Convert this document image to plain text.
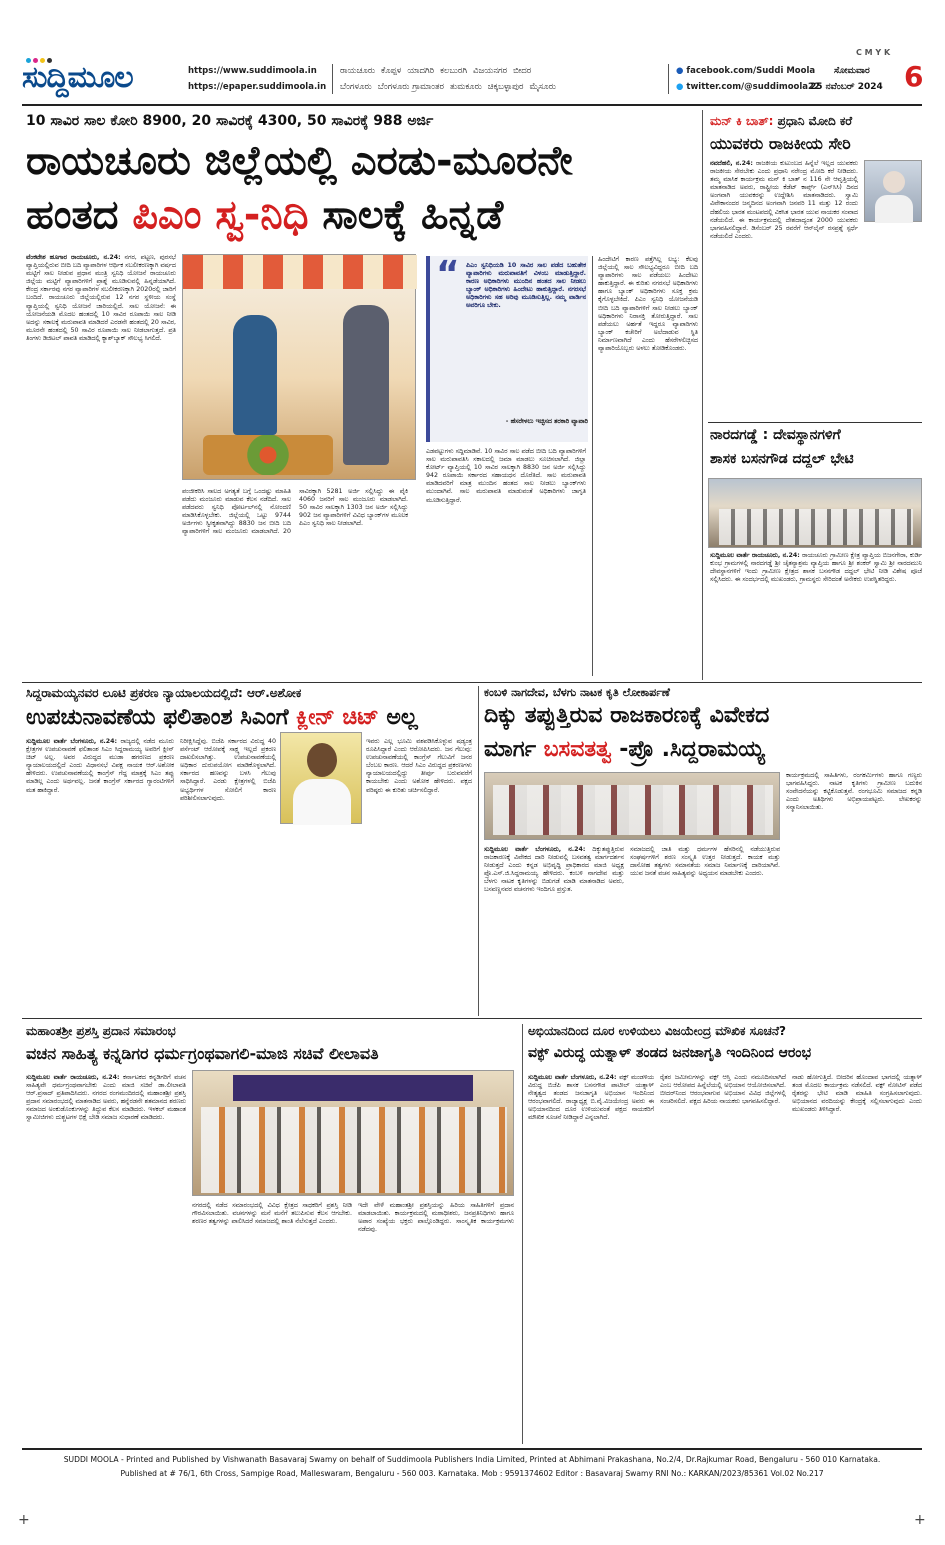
ಸುದ್ದಿಮೂಲ	https://www.suddimoola.in
https://epaper.suddimoola.in
ರಾಯಚೂರು ಕೊಪ್ಪಳ ಯಾದಗಿರಿ ಕಲಬುರಗಿ ವಿಜಯನಗರ ಬೀದರ
ಬೆಂಗಳೂರು ಬೆಂಗಳೂರು ಗ್ರಾಮಾಂತರ ತುಮಕೂರು ಚಿಕ್ಕಬಳ್ಳಾಪುರ ಮೈಸೂರು
● facebook.com/Suddi Moola
● twitter.com/@suddimoola22
C M Y K
ಸೋಮವಾರ
25 ನವೆಂಬರ್ 2024 6
10 ಸಾವಿರ ಸಾಲ ಕೋರಿ 8900, 20 ಸಾವಿರಕ್ಕೆ 4300, 50 ಸಾವಿರಕ್ಕೆ 988 ಅರ್ಜಿ
ರಾಯಚೂರು ಜಿಲ್ಲೆಯಲ್ಲಿ ಎರಡು-ಮೂರನೇ
ಹಂತದ ಪಿಎಂ ಸ್ವ-ನಿಧಿ ಸಾಲಕ್ಕೆ ಹಿನ್ನಡೆ
ವೆಂಕಟೇಶ ಹೂಗಾರ ರಾಯಚೂರು, ನ.24: ನಗರ, ಪಟ್ಟಣ, ಪುರಸಭೆ ವ್ಯಾಪ್ತಿಯಲ್ಲಿರುವ ಬೀದಿ ಬದಿ ವ್ಯಾಪಾರಿಗಳ ಆರ್ಥಿಕ ಸಬಲೀಕರಣಕ್ಕಾಗಿ ವರ್ಷದ ಮಟ್ಟಿಗೆ ಸಾಲ ನೀಡುವ ಪ್ರಧಾನ ಮಂತ್ರಿ ಸ್ವನಿಧಿ ಯೋಜನೆ ರಾಯಚೂರು ಜಿಲ್ಲೆಯ ಮಟ್ಟಿಗೆ ವ್ಯಾಪಾರಿಗಳಿಗೆ ಪ್ರಾಶ್ನೆ ಮೂಡಿಸುವಲ್ಲಿ ಹಿನ್ನಡೆಯಾಗಿದೆ. ಕೇಂದ್ರ ಸರ್ಕಾರವು ನಗರ ವ್ಯಾಪಾರಿಗಳ ಸಬಲೀಕರಣಕ್ಕಾಗಿ 2020ರಲ್ಲಿ ಜಾರಿಗೆ ಬಂದಿದೆ. ರಾಯಚೂರು ಜಿಲ್ಲೆಯಲ್ಲಿರುವ 12 ನಗರ ಸ್ಥಳೀಯ ಸಂಸ್ಥೆ ವ್ಯಾಪ್ತಿಯಲ್ಲಿ ಸ್ವನಿಧಿ ಯೋಜನೆ ಜಾರಿಯಲ್ಲಿದೆ. ಸಾಲ ಯೋಜನೆ: ಈ ಯೋಜನೆಯಡಿ ಮೊದಲ ಹಂತದಲ್ಲಿ 10 ಸಾವಿರ ರೂಪಾಯಿ ಸಾಲ ನೀಡಿ ಅದನ್ನು ಸಕಾಲಕ್ಕೆ ಮರುಪಾವತಿ ಮಾಡಿದರೆ ಎರಡನೇ ಹಂತದಲ್ಲಿ 20 ಸಾವಿರ, ಮೂರನೇ ಹಂತದಲ್ಲಿ 50 ಸಾವಿರ ರೂಪಾಯಿ ಸಾಲ ನೀಡಲಾಗುತ್ತದೆ. ಪ್ರತಿ ತಿಂಗಳು ಡಿಜಿಟಲ್ ಪಾವತಿ ಮಾಡಿದಲ್ಲಿ ಕ್ಯಾಶ್‌ಬ್ಯಾಕ್ ಸೌಲಭ್ಯ ಸಿಗಲಿದೆ.
“ ಪಿಎಂ ಸ್ವನಿಧಿಯಡಿ 10 ಸಾವಿರ ಸಾಲ ಪಡೆದ ಬಹುತೇಕ ವ್ಯಾಪಾರಿಗಳು ಮರುಪಾವತಿಗೆ ವಿಳಂಬ ಮಾಡುತ್ತಿದ್ದಾರೆ. ಕಾರಣ ಅಧಿಕಾರಿಗಳು ಮುಂದಿನ ಹಂತದ ಸಾಲ ನೀಡಲು ಬ್ಯಾಂಕ್ ಅಧಿಕಾರಿಗಳು ಹಿಂದೇಟು ಹಾಕುತ್ತಿದ್ದಾರೆ. ನಗರಸಭೆ ಅಧಿಕಾರಿಗಳು ಸಹ ಅರಿವು ಮೂಡಿಸುತ್ತಿಲ್ಲ. ನಮ್ಮ ವಾರ್ಡಿನ ಅವರಿಗೂ ಬೇಕು.
- ಹೆಸರೇಳಲು ಇಚ್ಛಿಸದ ತರಕಾರಿ ವ್ಯಾಪಾರಿ
ಪಂಜೀಕರಿಸಿ ಸಾಲದ ಅಗತ್ಯತೆ ಬಗ್ಗೆ ಒಂದಷ್ಟು ಮಾಹಿತಿ ಪಡೆದು ಮಂಜೂರು ಮಾಡುವ ಕೆಲಸ ನಡೆದಿದೆ. ಸಾಲ ಪಡೆದವರು ಸ್ವನಿಧಿ ಪೋರ್ಟಲ್‌ನಲ್ಲಿ ನೋಂದಣಿ ಮಾಡಿಸಿಕೊಳ್ಳಬೇಕು. ಜಿಲ್ಲೆಯಲ್ಲಿ ಒಟ್ಟು 9744 ಅರ್ಜಿಗಳು ಸ್ವೀಕೃತವಾಗಿದ್ದು 8830 ಜನ ಬೀದಿ ಬದಿ ವ್ಯಾಪಾರಿಗಳಿಗೆ ಸಾಲ ಮಂಜೂರು ಮಾಡಲಾಗಿದೆ. 20 ಸಾವಿರಕ್ಕಾಗಿ 5281 ಅರ್ಜಿ ಸಲ್ಲಿಸಿದ್ದು ಈ ಪೈಕಿ 4060 ಜನರಿಗೆ ಸಾಲ ಮಂಜೂರು ಮಾಡಲಾಗಿದೆ. 50 ಸಾವಿರ ಸಾಲಕ್ಕಾಗಿ 1303 ಜನ ಅರ್ಜಿ ಸಲ್ಲಿಸಿದ್ದು 902 ಜನ ವ್ಯಾಪಾರಿಗಳಿಗೆ ವಿವಿಧ ಬ್ಯಾಂಕ್‌ಗಳ ಮೂಲಕ ಪಿಎಂ ಸ್ವನಿಧಿ ಸಾಲ ನೀಡಲಾಗಿದೆ.
ಎಡವಟ್ಟುಗಳು ಸದ್ದಿಮಾಡಿವೆ. 10 ಸಾವಿರ ಸಾಲ ಪಡೆದ ಬೀದಿ ಬದಿ ವ್ಯಾಪಾರಿಗಳಿಗೆ ಸಾಲ ಮರುಪಾವತಿಸಿ ಸಕಾಲದಲ್ಲಿ ಜಮಾ ಮಾಡಲು ಸೂಚಿಸಲಾಗಿದೆ. ಜಿಲ್ಲಾ ಕೋರ್ಟ್ ವ್ಯಾಪ್ತಿಯಲ್ಲಿ 10 ಸಾವಿರ ಸಾಲಕ್ಕಾಗಿ 8830 ಜನ ಅರ್ಜಿ ಸಲ್ಲಿಸಿದ್ದು 942 ರೂಪಾಯಿ ಸರ್ಕಾರದ ಸಹಾಯಧನ ದೊರೆತಿದೆ. ಸಾಲ ಮರುಪಾವತಿ ಮಾಡಿದವರಿಗೆ ಮಾತ್ರ ಮುಂದಿನ ಹಂತದ ಸಾಲ ನೀಡಲು ಬ್ಯಾಂಕ್‌ಗಳು ಮುಂದಾಗಿವೆ. ಸಾಲ ಮರುಪಾವತಿ ಮಾಡುವಂತೆ ಅಧಿಕಾರಿಗಳು ಜಾಗೃತಿ ಮೂಡಿಸುತ್ತಿದ್ದಾರೆ.
ಹಿಂದೇಟಿಗೆ ಕಾರಣ ಪತ್ತೆಗಿಲ್ಲ ಲಭ್ಯ: ಕೆಲವು ಜಿಲ್ಲೆಯಲ್ಲಿ ಸಾಲ ಸೌಲಭ್ಯವಿದ್ದರೂ ಬೀದಿ ಬದಿ ವ್ಯಾಪಾರಿಗಳು ಸಾಲ ಪಡೆಯಲು ಹಿಂದೇಟು ಹಾಕುತ್ತಿದ್ದಾರೆ. ಈ ಕುರಿತು ನಗರಸಭೆ ಅಧಿಕಾರಿಗಳು ಹಾಗೂ ಬ್ಯಾಂಕ್ ಅಧಿಕಾರಿಗಳು ಸೂಕ್ತ ಕ್ರಮ ಕೈಗೊಳ್ಳಬೇಕಿದೆ. ಪಿಎಂ ಸ್ವನಿಧಿ ಯೋಜನೆಯಡಿ ಬೀದಿ ಬದಿ ವ್ಯಾಪಾರಿಗಳಿಗೆ ಸಾಲ ನೀಡಲು ಬ್ಯಾಂಕ್ ಅಧಿಕಾರಿಗಳು ನಿರಾಸಕ್ತಿ ತೋರುತ್ತಿದ್ದಾರೆ. ಸಾಲ ಪಡೆಯಲು ಅರ್ಹತೆ ಇದ್ದರೂ ವ್ಯಾಪಾರಿಗಳು ಬ್ಯಾಂಕ್ ಕಚೇರಿಗೆ ಅಲೆದಾಡುವ ಸ್ಥಿತಿ ನಿರ್ಮಾಣವಾಗಿದೆ ಎಂದು ಹೆಸರೇಳಲಿಚ್ಛಿಸದ ವ್ಯಾಪಾರಿಯೊಬ್ಬರು ಅಳಲು ತೋಡಿಕೊಂಡರು.
ಮನ್ ಕಿ ಬಾತ್: ಪ್ರಧಾನಿ ಮೋದಿ ಕರೆ
ಯುವಕರು ರಾಜಕೀಯ ಸೇರಿ
ನವದೆಹಲಿ, ನ.24: ರಾಜಕೀಯ ಕುಟುಂಬದ ಹಿನ್ನೆಲೆ ಇಲ್ಲದ ಯುವಕರು ರಾಜಕೀಯ ಸೇರಬೇಕು ಎಂದು ಪ್ರಧಾನಿ ನರೇಂದ್ರ ಮೋದಿ ಕರೆ ನೀಡಿದರು. ತಮ್ಮ ಮಾಸಿಕ ಕಾರ್ಯಕ್ರಮ ಮನ್ ಕಿ ಬಾತ್ ನ 116 ನೇ ಆವೃತ್ತಿಯಲ್ಲಿ ಮಾತನಾಡಿದ ಅವರು, ರಾಷ್ಟ್ರೀಯ ಕೆಡೆಟ್ ಕಾರ್ಪ್ಸ್ (ಎನ್‌ಸಿಸಿ) ದಿನದ ಅಂಗವಾಗಿ ಯುವಕರನ್ನು ಉದ್ದೇಶಿಸಿ ಮಾತನಾಡಿದರು. ಸ್ವಾಮಿ ವಿವೇಕಾನಂದರ ಜನ್ಮದಿನದ ಅಂಗವಾಗಿ ಜನವರಿ 11 ಮತ್ತು 12 ರಂದು ದೆಹಲಿಯ ಭಾರತ ಮಂಟಪದಲ್ಲಿ ವಿಕಸಿತ ಭಾರತ ಯುವ ನಾಯಕರ ಸಂವಾದ ನಡೆಯಲಿದೆ. ಈ ಕಾರ್ಯಕ್ರಮದಲ್ಲಿ ದೇಶದಾದ್ಯಂತ 2000 ಯುವಕರು ಭಾಗವಹಿಸಲಿದ್ದಾರೆ. ಡಿಸೆಂಬರ್ 25 ರವರೆಗೆ ಆನ್‌ಲೈನ್ ರಸಪ್ರಶ್ನೆ ಸ್ಪರ್ಧೆ ನಡೆಯಲಿದೆ ಎಂದರು.
ನಾರದಗಡ್ಡೆ : ದೇವಸ್ಥಾನಗಳಿಗೆ
ಶಾಸಕ ಬಸನಗೌಡ ದದ್ದಲ್ ಭೇಟಿ
ಸುದ್ದಿಮೂಲ ವಾರ್ತೆ ರಾಯಚೂರು, ನ.24: ರಾಯಚೂರು ಗ್ರಾಮೀಣ ಕ್ಷೇತ್ರ ವ್ಯಾಪ್ತಿಯ ಬಿಜನಗೇರಾ, ಕುರ್ಡಿ ಕುಂಭ ಗ್ರಾಮಗಳಲ್ಲಿ ನಾರದಗಡ್ಡೆ ಶ್ರೀ ಚೈತನ್ಯಾಶ್ರಮ ವ್ಯಾಪ್ತಿಯ ಹಾಗೂ ಶ್ರೀ ಶಂಕರ್ ಸ್ವಾಮಿ ಶ್ರೀ ನಾರದಮುನಿ ದೇವಸ್ಥಾನಗಳಿಗೆ ಇಂದು ಗ್ರಾಮೀಣ ಕ್ಷೇತ್ರದ ಶಾಸಕ ಬಸನಗೌಡ ದದ್ದಲ್ ಭೇಟಿ ನೀಡಿ ವಿಶೇಷ ಪೂಜೆ ಸಲ್ಲಿಸಿದರು. ಈ ಸಂದರ್ಭದಲ್ಲಿ ಮುಖಂಡರು, ಗ್ರಾಮಸ್ಥರು ಸೇರಿದಂತೆ ಅನೇಕರು ಉಪಸ್ಥಿತರಿದ್ದರು.
ಸಿದ್ದರಾಮಯ್ಯನವರ ಲೂಟಿ ಪ್ರಕರಣ ನ್ಯಾಯಾಲಯದಲ್ಲಿದೆ: ಆರ್.ಅಶೋಕ
ಉಪಚುನಾವಣೆಯ ಫಲಿತಾಂಶ ಸಿಎಂಗೆ ಕ್ಲೀನ್ ಚಿಟ್ ಅಲ್ಲ
ಸುದ್ದಿಮೂಲ ವಾರ್ತೆ ಬೆಂಗಳೂರು, ನ.24: ರಾಜ್ಯದಲ್ಲಿ ನಡೆದ ಮೂರು ಕ್ಷೇತ್ರಗಳ ಉಪಚುನಾವಣೆ ಫಲಿತಾಂಶ ಸಿಎಂ ಸಿದ್ದರಾಮಯ್ಯ ಅವರಿಗೆ ಕ್ಲೀನ್ ಚಿಟ್ ಅಲ್ಲ. ಅವರ ವಿರುದ್ಧದ ಮುಡಾ ಹಗರಣದ ಪ್ರಕರಣ ನ್ಯಾಯಾಲಯದಲ್ಲಿದೆ ಎಂದು ವಿಧಾನಸಭೆ ವಿಪಕ್ಷ ನಾಯಕ ಆರ್.ಅಶೋಕ ಹೇಳಿದರು. ಉಪಚುನಾವಣೆಯಲ್ಲಿ ಕಾಂಗ್ರೆಸ್ ಗೆದ್ದ ಮಾತ್ರಕ್ಕೆ ಸಿಎಂ ತಪ್ಪು ಮಾಡಿಲ್ಲ ಎಂದು ಅರ್ಥವಲ್ಲ. ಜನತೆ ಕಾಂಗ್ರೆಸ್ ಸರ್ಕಾರದ ಗ್ಯಾರಂಟಿಗಳಿಗೆ ಮತ ಹಾಕಿದ್ದಾರೆ.
ನಿರೀಕ್ಷಿಸಿದ್ದೆವು. ಬಿಜೆಪಿ ಸರ್ಕಾರದ ವಿರುದ್ಧ 40 ಪರ್ಸೆಂಟ್ ಆರೋಪಕ್ಕೆ ಸಾಕ್ಷ್ಯ ಇಲ್ಲದೆ ಪ್ರಕರಣ ದಾಖಲಿಸಲಾಗಿತ್ತು. ಉಪಚುನಾವಣೆಯಲ್ಲಿ ಅಧಿಕಾರ ದುರುಪಯೋಗ ಮಾಡಿಕೊಳ್ಳಲಾಗಿದೆ. ಸರ್ಕಾರದ ಹಣವನ್ನು ಬಳಸಿ ಗೆಲುವು ಸಾಧಿಸಿದ್ದಾರೆ. ಎರಡು ಕ್ಷೇತ್ರಗಳಲ್ಲಿ ಬಿಜೆಪಿ ಅಭ್ಯರ್ಥಿಗಳ ಸೋಲಿಗೆ ಕಾರಣ ಪರಿಶೀಲಿಸಲಾಗುವುದು.
ಇವರು ಎಲ್ಲ ಭೂಮಿ ವಶಪಡಿಸಿಕೊಳ್ಳುವ ಷಡ್ಯಂತ್ರ ರೂಪಿಸಿದ್ದಾರೆ ಎಂದು ಆರೋಪಿಸಿದರು. ಜನ ಗೆಲುವು: ಉಪಚುನಾವಣೆಯಲ್ಲಿ ಕಾಂಗ್ರೆಸ್ ಗೆಲುವಿಗೆ ಜನರ ಬೆಂಬಲ ಕಾರಣ. ಆದರೆ ಸಿಎಂ ವಿರುದ್ಧದ ಪ್ರಕರಣಗಳು ನ್ಯಾಯಾಲಯದಲ್ಲಿದ್ದು ತೀರ್ಪು ಬರುವವರೆಗೆ ಕಾಯಬೇಕು ಎಂದು ಅಶೋಕ ಹೇಳಿದರು. ಪಕ್ಷದ ವರಿಷ್ಠರು ಈ ಕುರಿತು ಚರ್ಚಿಸಲಿದ್ದಾರೆ.
ಕಂಬಳಿ ನಾಗದೇವ, ಬೆಳಗು ನಾಟಕ ಕೃತಿ ಲೋಕಾರ್ಪಣೆ
ದಿಕ್ಕು ತಪ್ಪುತ್ತಿರುವ ರಾಜಕಾರಣಕ್ಕೆ ವಿವೇಕದ
ಮಾರ್ಗ ಬಸವತತ್ವ -ಪ್ರೊ .ಸಿದ್ದರಾಮಯ್ಯ
ಸುದ್ದಿಮೂಲ ವಾರ್ತೆ ಬೆಂಗಳೂರು, ನ.24: ದಿಕ್ಕುತಪ್ಪುತ್ತಿರುವ ರಾಜಕಾರಣಕ್ಕೆ ವಿವೇಕದ ದಾರಿ ನೀಡುವಲ್ಲಿ ಬಸವತತ್ವ ಮಾರ್ಗದರ್ಶನ ನೀಡುತ್ತದೆ ಎಂದು ಕನ್ನಡ ಅಭಿವೃದ್ಧಿ ಪ್ರಾಧಿಕಾರದ ಮಾಜಿ ಅಧ್ಯಕ್ಷ ಪ್ರೊ.ಎಸ್.ಜಿ.ಸಿದ್ದರಾಮಯ್ಯ ಹೇಳಿದರು. ಕಂಬಳಿ ನಾಗದೇವ ಮತ್ತು ಬೆಳಗು ನಾಟಕ ಕೃತಿಗಳನ್ನು ಬಿಡುಗಡೆ ಮಾಡಿ ಮಾತನಾಡಿದ ಅವರು, ಬಸವಣ್ಣನವರ ವಚನಗಳು ಇಂದಿಗೂ ಪ್ರಸ್ತುತ.
ಸಮಾಜದಲ್ಲಿ ಜಾತಿ ಮತ್ತು ಧರ್ಮಗಳ ಹೆಸರಿನಲ್ಲಿ ನಡೆಯುತ್ತಿರುವ ಸಂಘರ್ಷಗಳಿಗೆ ಶರಣ ಸಂಸ್ಕೃತಿ ಉತ್ತರ ನೀಡುತ್ತದೆ. ಕಾಯಕ ಮತ್ತು ದಾಸೋಹ ತತ್ವಗಳು ಸಮಾನತೆಯ ಸಮಾಜ ನಿರ್ಮಾಣಕ್ಕೆ ದಾರಿಯಾಗಿವೆ. ಯುವ ಜನತೆ ವಚನ ಸಾಹಿತ್ಯವನ್ನು ಅಧ್ಯಯನ ಮಾಡಬೇಕು ಎಂದರು.
ಕಾರ್ಯಕ್ರಮದಲ್ಲಿ ಸಾಹಿತಿಗಳು, ರಂಗಕರ್ಮಿಗಳು ಹಾಗೂ ಗಣ್ಯರು ಭಾಗವಹಿಸಿದ್ದರು. ನಾಟಕ ಕೃತಿಗಳು ಗ್ರಾಮೀಣ ಬದುಕಿನ ಸಂವೇದನೆಯನ್ನು ಕಟ್ಟಿಕೊಡುತ್ತವೆ. ರಂಗಭೂಮಿ ಸಮಾಜದ ಕನ್ನಡಿ ಎಂದು ಅತಿಥಿಗಳು ಅಭಿಪ್ರಾಯಪಟ್ಟರು. ಲೇಖಕರನ್ನು ಸನ್ಮಾನಿಸಲಾಯಿತು.
ಮಹಾಂತಶ್ರೀ ಪ್ರಶಸ್ತಿ ಪ್ರದಾನ ಸಮಾರಂಭ
ವಚನ ಸಾಹಿತ್ಯ ಕನ್ನಡಿಗರ ಧರ್ಮಗ್ರಂಥವಾಗಲಿ-ಮಾಜಿ ಸಚಿವೆ ಲೀಲಾವತಿ
ಸುದ್ದಿಮೂಲ ವಾರ್ತೆ ರಾಯಚೂರು, ನ.24: ಕರ್ನಾಟಕದ ಕನ್ನಡಿಗರಿಗೆ ವಚನ ಸಾಹಿತ್ಯವೇ ಧರ್ಮಗ್ರಂಥವಾಗಬೇಕು ಎಂದು ಮಾಜಿ ಸಚಿವೆ ಡಾ.ಲೀಲಾವತಿ ಆರ್.ಪ್ರಸಾದ್ ಪ್ರತಿಪಾದಿಸಿದರು. ನಗರದ ರಂಗಮಂದಿರದಲ್ಲಿ ಮಹಾಂತಶ್ರೀ ಪ್ರಶಸ್ತಿ ಪ್ರದಾನ ಸಮಾರಂಭದಲ್ಲಿ ಮಾತನಾಡಿದ ಅವರು, ಹನ್ನೆರಡನೇ ಶತಮಾನದ ಶರಣರು ಸಮಾಜದ ಅಂಕುಡೊಂಕುಗಳನ್ನು ತಿದ್ದುವ ಕೆಲಸ ಮಾಡಿದರು. ಇಳಕಲ್ ಮಹಾಂತ ಸ್ವಾಮೀಜಿಗಳು ದುಶ್ಚಟಗಳ ಭಿಕ್ಷೆ ಬೇಡಿ ಸಮಾಜ ಸುಧಾರಣೆ ಮಾಡಿದರು.
ನಗರದಲ್ಲಿ ನಡೆದ ಸಮಾರಂಭದಲ್ಲಿ ವಿವಿಧ ಕ್ಷೇತ್ರದ ಸಾಧಕರಿಗೆ ಪ್ರಶಸ್ತಿ ನೀಡಿ ಗೌರವಿಸಲಾಯಿತು. ವಚನಗಳನ್ನು ಮನೆ ಮನೆಗೆ ತಲುಪಿಸುವ ಕೆಲಸ ಆಗಬೇಕು. ಶರಣರ ತತ್ವಗಳನ್ನು ಪಾಲಿಸಿದರೆ ಸಮಾಜದಲ್ಲಿ ಶಾಂತಿ ನೆಲೆಸುತ್ತದೆ ಎಂದರು.
ಇದೇ ವೇಳೆ ಮಹಾಂತಶ್ರೀ ಪ್ರಶಸ್ತಿಯನ್ನು ಹಿರಿಯ ಸಾಹಿತಿಗಳಿಗೆ ಪ್ರದಾನ ಮಾಡಲಾಯಿತು. ಕಾರ್ಯಕ್ರಮದಲ್ಲಿ ಮಠಾಧೀಶರು, ಜನಪ್ರತಿನಿಧಿಗಳು ಹಾಗೂ ಅಪಾರ ಸಂಖ್ಯೆಯ ಭಕ್ತರು ಪಾಲ್ಗೊಂಡಿದ್ದರು. ಸಾಂಸ್ಕೃತಿಕ ಕಾರ್ಯಕ್ರಮಗಳು ನಡೆದವು.
ಅಭಿಯಾನದಿಂದ ದೂರ ಉಳಿಯಲು ವಿಜಯೇಂದ್ರ ಮೌಖಿಕ ಸೂಚನೆ?
ವಕ್ಫ್ ವಿರುದ್ಧ ಯತ್ನಾಳ್ ತಂಡದ ಜನಜಾಗೃತಿ ಇಂದಿನಿಂದ ಆರಂಭ
ಸುದ್ದಿಮೂಲ ವಾರ್ತೆ ಬೆಂಗಳೂರು, ನ.24: ವಕ್ಫ್ ಮಂಡಳಿಯ ವಿರುದ್ಧ ಬಿಜೆಪಿ ಶಾಸಕ ಬಸನಗೌಡ ಪಾಟೀಲ್ ಯತ್ನಾಳ್ ನೇತೃತ್ವದ ತಂಡದ ಜನಜಾಗೃತಿ ಅಭಿಯಾನ ಇಂದಿನಿಂದ ಆರಂಭವಾಗಲಿದೆ. ರಾಜ್ಯಾಧ್ಯಕ್ಷ ಬಿ.ವೈ.ವಿಜಯೇಂದ್ರ ಅವರು ಈ ಅಭಿಯಾನದಿಂದ ದೂರ ಉಳಿಯುವಂತೆ ಪಕ್ಷದ ನಾಯಕರಿಗೆ ಮೌಖಿಕ ಸೂಚನೆ ನೀಡಿದ್ದಾರೆ ಎನ್ನಲಾಗಿದೆ.
ರೈತರ ಜಮೀನುಗಳನ್ನು ವಕ್ಫ್ ಆಸ್ತಿ ಎಂದು ನಮೂದಿಸಲಾಗಿದೆ ಎಂಬ ಆರೋಪದ ಹಿನ್ನೆಲೆಯಲ್ಲಿ ಅಭಿಯಾನ ಆಯೋಜಿಸಲಾಗಿದೆ. ಬೀದರ್‌ನಿಂದ ಆರಂಭವಾಗುವ ಅಭಿಯಾನ ವಿವಿಧ ಜಿಲ್ಲೆಗಳಲ್ಲಿ ಸಂಚರಿಸಲಿದೆ. ಪಕ್ಷದ ಹಿರಿಯ ನಾಯಕರು ಭಾಗವಹಿಸಲಿದ್ದಾರೆ.
ನಾಡು ಹೋಗುತ್ತಿದೆ. ಬೀದರಿನ ಹೊಂದಾವ ಭಾಗದಲ್ಲಿ ಯತ್ನಾಳ್ ತಂಡ ಮೊದಲ ಕಾರ್ಯಕ್ರಮ ನಡೆಸಲಿದೆ. ವಕ್ಫ್ ನೋಟಿಸ್ ಪಡೆದ ರೈತರನ್ನು ಭೇಟಿ ಮಾಡಿ ಮಾಹಿತಿ ಸಂಗ್ರಹಿಸಲಾಗುವುದು. ಅಭಿಯಾನದ ವರದಿಯನ್ನು ಕೇಂದ್ರಕ್ಕೆ ಸಲ್ಲಿಸಲಾಗುವುದು ಎಂದು ಮುಖಂಡರು ತಿಳಿಸಿದ್ದಾರೆ.
SUDDI MOOLA - Printed and Published by Vishwanath Basavaraj Swamy on behalf of Suddimoola Publishers India Limited, Printed at Abhimani Prakashana, No.2/4, Dr.Rajkumar Road, Bengaluru - 560 010 Karnataka.
Published at # 76/1, 6th Cross, Sampige Road, Malleswaram, Bengaluru - 560 003. Karnataka. Mob : 9591374602 Editor : Basavaraj Swamy RNI No.: KARKAN/2023/85361 Vol.02 No.217
+	+
